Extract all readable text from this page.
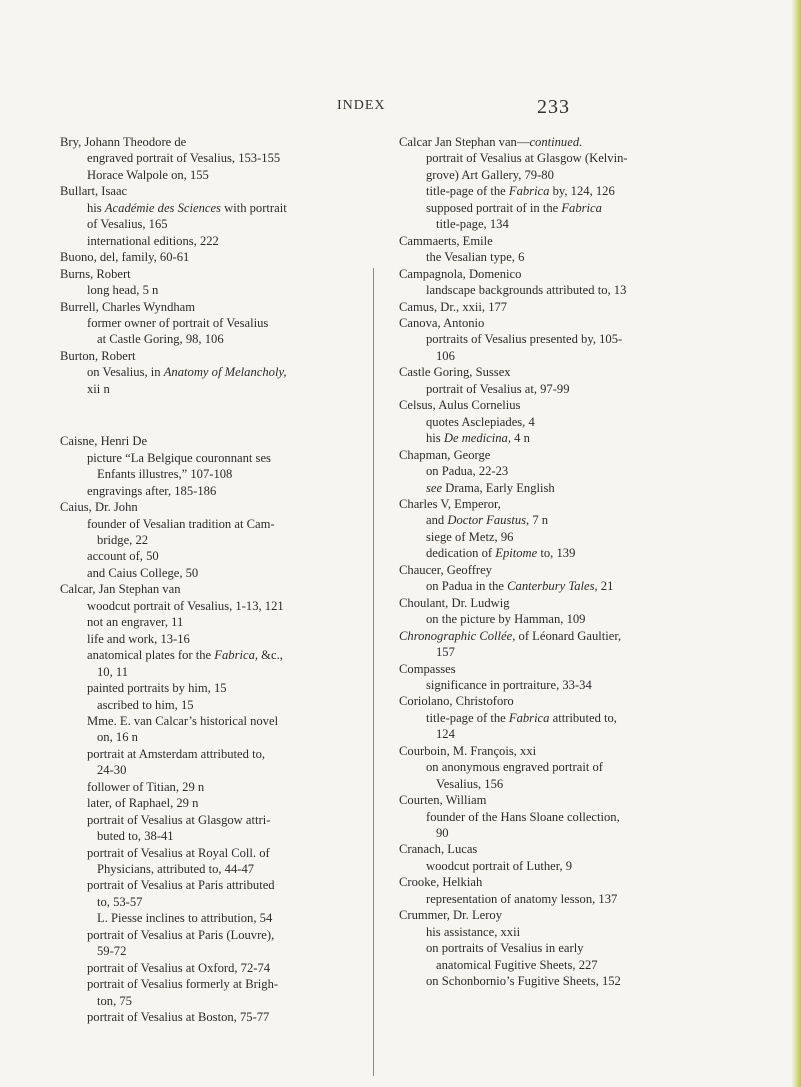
INDEX	233
Bry, Johann Theodore de
engraved portrait of Vesalius, 153-155
Horace Walpole on, 155
Bullart, Isaac
his Académie des Sciences with portrait
of Vesalius, 165
international editions, 222
Buono, del, family, 60-61
Burns, Robert
long head, 5 n
Burrell, Charles Wyndham
former owner of portrait of Vesalius
at Castle Goring, 98, 106
Burton, Robert
on Vesalius, in Anatomy of Melancholy,
xii n
Caisne, Henri De
picture “La Belgique couronnant ses
Enfants illustres,” 107-108
engravings after, 185-186
Caius, Dr. John
founder of Vesalian tradition at Cam-
bridge, 22
account of, 50
and Caius College, 50
Calcar, Jan Stephan van
woodcut portrait of Vesalius, 1-13, 121
not an engraver, 11
life and work, 13-16
anatomical plates for the Fabrica, &c.,
10, 11
painted portraits by him, 15
ascribed to him, 15
Mme. E. van Calcar’s historical novel
on, 16 n
portrait at Amsterdam attributed to,
24-30
follower of Titian, 29 n
later, of Raphael, 29 n
portrait of Vesalius at Glasgow attri-
buted to, 38-41
portrait of Vesalius at Royal Coll. of
Physicians, attributed to, 44-47
portrait of Vesalius at Paris attributed
to, 53-57
L. Piesse inclines to attribution, 54
portrait of Vesalius at Paris (Louvre),
59-72
portrait of Vesalius at Oxford, 72-74
portrait of Vesalius formerly at Brigh-
ton, 75
portrait of Vesalius at Boston, 75-77
Calcar Jan Stephan van—continued.
portrait of Vesalius at Glasgow (Kelvin-
grove) Art Gallery, 79-80
title-page of the Fabrica by, 124, 126
supposed portrait of in the Fabrica
title-page, 134
Cammaerts, Emile
the Vesalian type, 6
Campagnola, Domenico
landscape backgrounds attributed to, 13
Camus, Dr., xxii, 177
Canova, Antonio
portraits of Vesalius presented by, 105-
106
Castle Goring, Sussex
portrait of Vesalius at, 97-99
Celsus, Aulus Cornelius
quotes Asclepiades, 4
his De medicina, 4 n
Chapman, George
on Padua, 22-23
see Drama, Early English
Charles V, Emperor,
and Doctor Faustus, 7 n
siege of Metz, 96
dedication of Epitome to, 139
Chaucer, Geoffrey
on Padua in the Canterbury Tales, 21
Choulant, Dr. Ludwig
on the picture by Hamman, 109
Chronographic Collée, of Léonard Gaultier,
157
Compasses
significance in portraiture, 33-34
Coriolano, Christoforo
title-page of the Fabrica attributed to,
124
Courboin, M. François, xxi
on anonymous engraved portrait of
Vesalius, 156
Courten, William
founder of the Hans Sloane collection,
90
Cranach, Lucas
woodcut portrait of Luther, 9
Crooke, Helkiah
representation of anatomy lesson, 137
Crummer, Dr. Leroy
his assistance, xxii
on portraits of Vesalius in early
anatomical Fugitive Sheets, 227
on Schonbornio’s Fugitive Sheets, 152
